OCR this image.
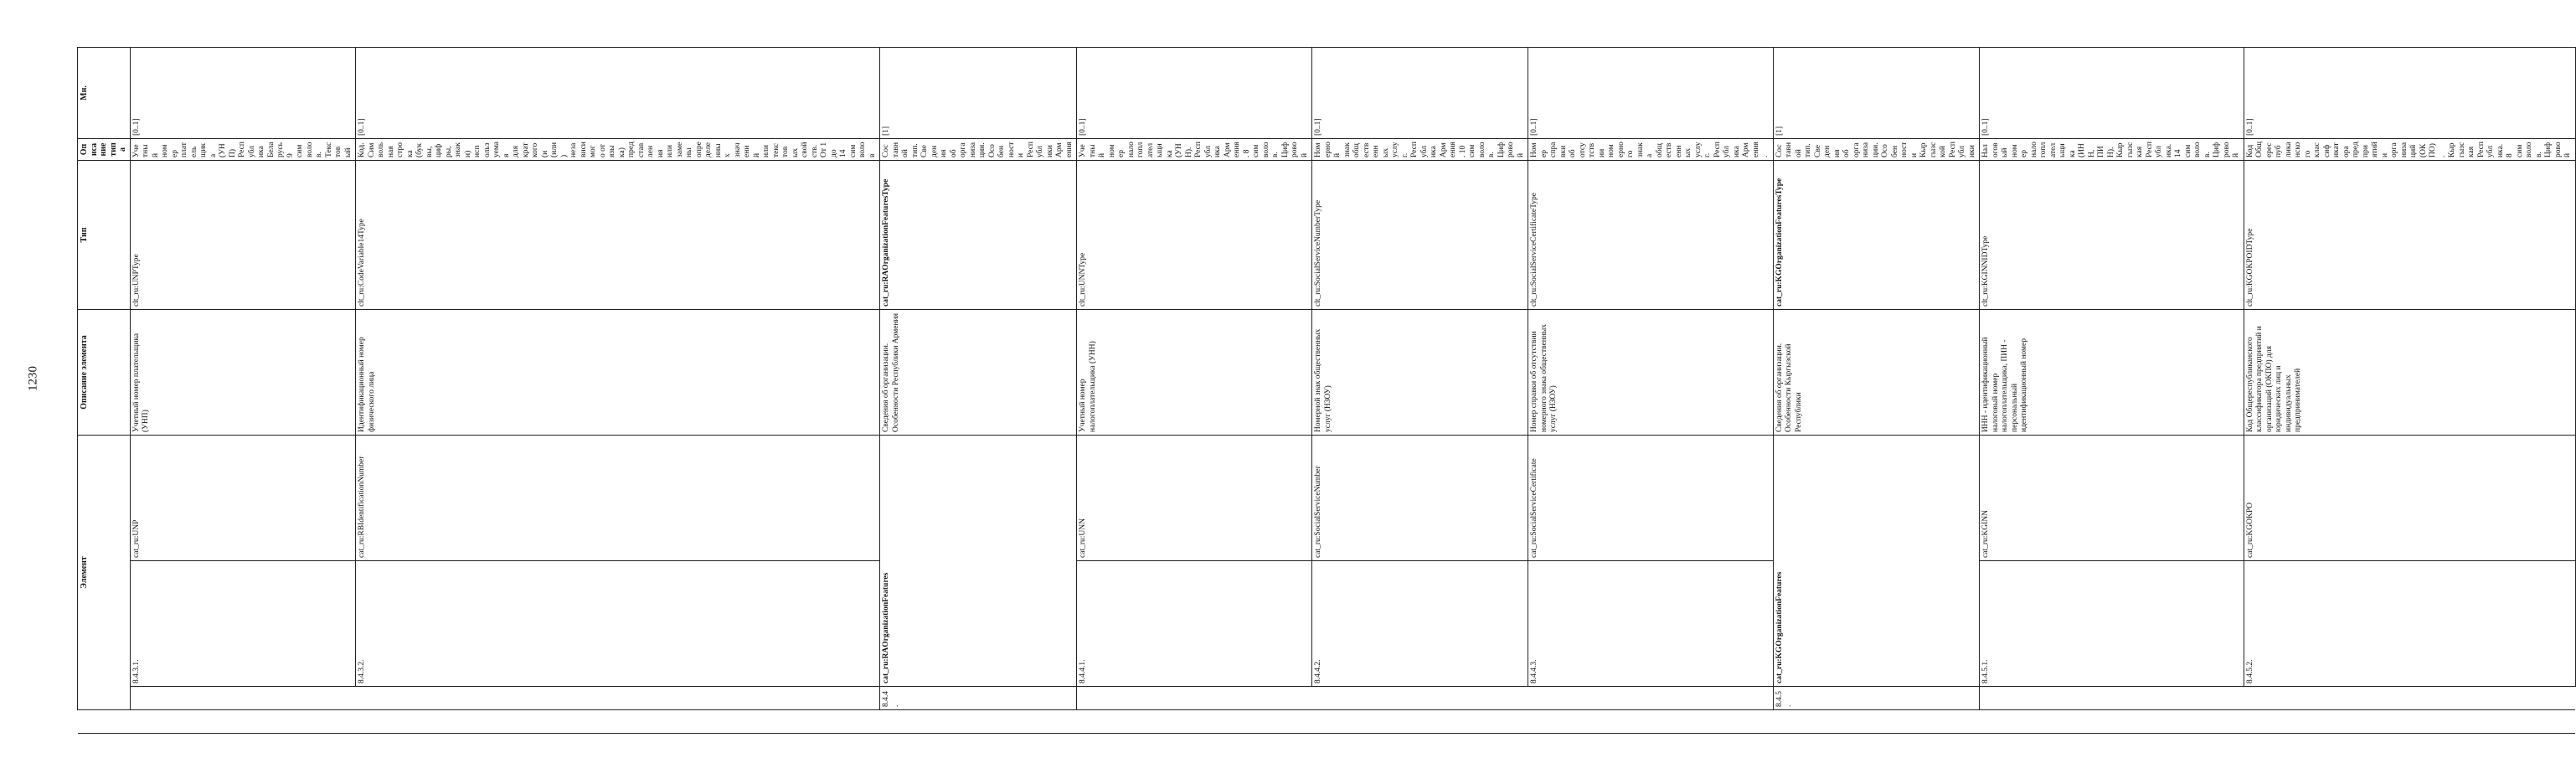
1230
	Элемент			Описание элемента	Тип	Описание типа	Мн.
		8.4.3.1.	cat_ru:UNP	Учетный номер плательщика (УНП)	clt_ru:UNPType	Учетный номер плательщика (УНП) Республика Беларусь 9 символов. Текстовый	[0..1]
		8.4.3.2.	cat_ru:RBIdentificationNumber	Идентификационный номер физического лица	clt_ru:CodeVariable14Type	Код. Символьная строка (буквы, цифры, знаки) используемая для краткого (и (или) независимого от языка) представления или замены определенных значений или текстовых свойств. От 1 до 14 символов	[0..1]
	8.4.4.	cat_ru:RAOrganizationFeatures		Сведения об организации. Особенности Республики Армения	cat_ru:RAOrganizationFeaturesType	Составной тип. Сведения об организации. Особенности Республики Армения	[1]
		8.4.4.1.	cat_ru:UNN	Учетный номер налогоплательщика (УНН)	clt_ru:UNNType	Учетный номер налогоплательщика (УНН). Республика Армения. 8 символов. Цифровой	[0..1]
		8.4.4.2.	cat_ru:SocialServiceNumber	Номерной знак общественных услуг (НЗОУ)	clt_ru:SocialServiceNumberType	Номерной знак общественных услуг. Республика Армения. 10 символов. Цифровой	[0..1]
		8.4.4.3.	cat_ru:SocialServiceCertificate	Номер справки об отсутствии номерного знака общественных услуг (НЗОУ)	clt_ru:SocialServiceCertificateType	Номер справки об отсутствии номерного знака общественных услуг. Республика Армения.	[0..1]
	8.4.5.	cat_ru:KGOrganizationFeatures		Сведения об организации. Особенности Кыргызской Республики	cat_ru:KGOrganizationFeaturesType	Составной тип. Сведения об организации. Особенности Кыргызской Республики	[1]
		8.4.5.1.	cat_ru:KGINN	ИНН - идентификационный налоговый номер налогоплательщика, ПИН - персональный идентификационный номер	clt_ru:KGINNIDType	Налоговый номер налогоплательщика (ИНН, ПИН). Кыргызская Республика. 14 символов. Цифровой	[0..1]
		8.4.5.2.	cat_ru:KGOKPO	Код Общереспубликанского классификатора предприятий и организаций (ОКПО) для юридических лиц и индивидуальных предпринимателей	clt_ru:KGOKPOIDType	Код Общереспубликанского классификатора предприятий и организаций (ОКПО). Кыргызская Республика. 8 символов. Цифровой	[0..1]
